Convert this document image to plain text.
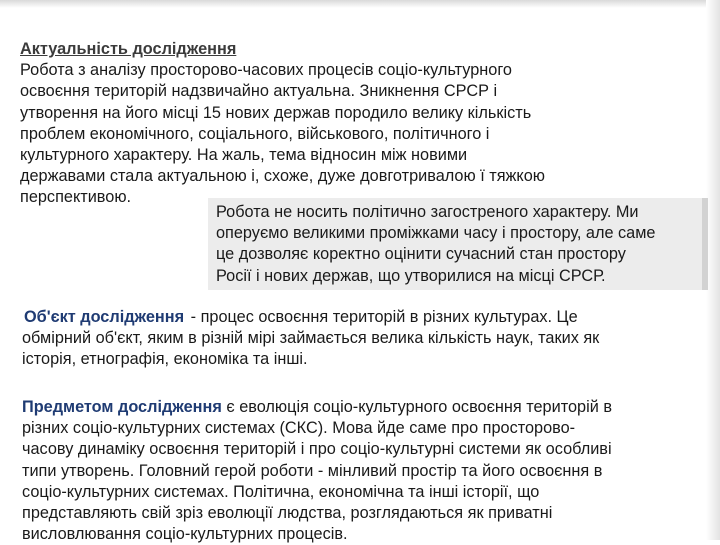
Актуальність дослідження
Робота з аналізу просторово-часових процесів соціо-культурного
освоєння територій надзвичайно актуальна. Зникнення СРСР і
утворення на його місці 15 нових держав породило велику кількість
проблем економічного, соціального, військового, політичного і
культурного характеру. На жаль, тема відносин між новими
державами стала актуальною і, схоже, дуже довготривалою ї тяжкою
перспективою.
Робота не носить політично загостреного характеру. Ми
оперуємо великими проміжками часу і простору, але саме
це дозволяє коректно оцінити сучасний стан простору
Росії і нових держав, що утворилися на місці СРСР.
Об'єкт дослідження - процес освоєння територій в різних культурах. Це
обмірний об'єкт, яким в різній мірі займається велика кількість наук, таких як
історія, етнографія, економіка та інші.
Предметом дослідження є еволюція соціо-культурного освоєння територій в
різних соціо-культурних системах (СКС). Мова йде саме про просторово-
часову динаміку освоєння територій і про соціо-культурні системи як особливі
типи утворень. Головний герой роботи - мінливий простір та його освоєння в
соціо-культурних системах. Політична, економічна та інші історії, що
представляють свій зріз еволюції людства, розглядаються як приватні
висловлювання соціо-культурних процесів.
